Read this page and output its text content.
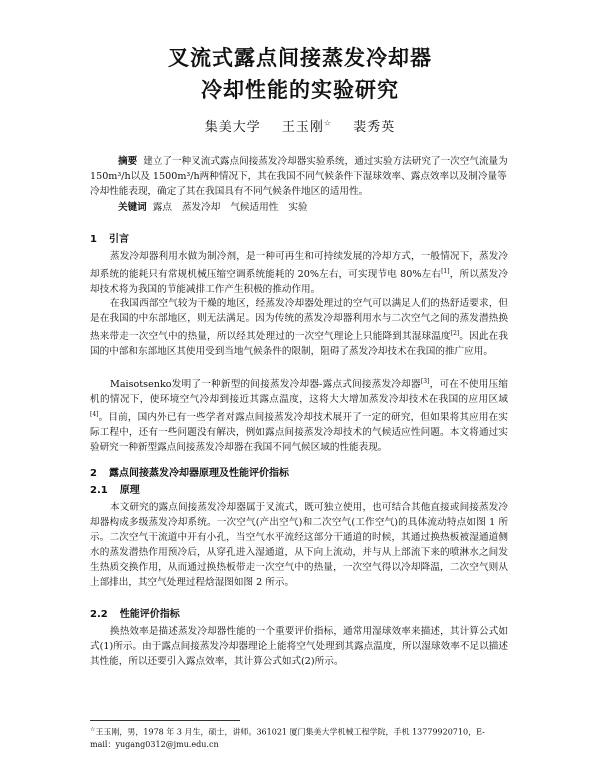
叉流式露点间接蒸发冷却器
冷却性能的实验研究
集美大学 王玉刚☆ 裴秀英

摘要 建立了一种叉流式露点间接蒸发冷却器实验系统，通过实验方法研究了一次空气流量为 150m³/h以及 1500m³/h两种情况下，其在我国不同气候条件下湿球效率、露点效率以及制冷量等冷却性能表现，确定了其在我国具有不同气候条件地区的适用性。

关键词 露点 蒸发冷却 气候适用性 实验

1 引言

蒸发冷却器利用水做为制冷剂，是一种可再生和可持续发展的冷却方式，一般情况下，蒸发冷却系统的能耗只有常规机械压缩空调系统能耗的 20%左右，可实现节电 80%左右[1]，所以蒸发冷却技术将为我国的节能减排工作产生积极的推动作用。

在我国西部空气较为干燥的地区，经蒸发冷却器处理过的空气可以满足人们的热舒适要求，但是在我国的中东部地区，则无法满足。因为传统的蒸发冷却器利用水与二次空气之间的蒸发潜热换热来带走一次空气中的热量，所以经其处理过的一次空气理论上只能降到其湿球温度[2]。因此在我国的中部和东部地区其使用受到当地气候条件的限制，阻碍了蒸发冷却技术在我国的推广应用。

Maisotsenko发明了一种新型的间接蒸发冷却器-露点式间接蒸发冷却器[3]，可在不使用压缩机的情况下，使环境空气冷却到接近其露点温度，这将大大增加蒸发冷却技术在我国的应用区域[4]。目前，国内外已有一些学者对露点间接蒸发冷却技术展开了一定的研究，但如果将其应用在实际工程中，还有一些问题没有解决，例如露点间接蒸发冷却技术的气候适应性问题。本文将通过实验研究一种新型露点间接蒸发冷却器在我国不同气候区域的性能表现。

2 露点间接蒸发冷却器原理及性能评价指标
2.1 原理

本文研究的露点间接蒸发冷却器属于叉流式，既可独立使用，也可结合其他直接或间接蒸发冷却器构成多级蒸发冷却系统。一次空气(产出空气)和二次空气(工作空气)的具体流动特点如图 1 所示。二次空气干流道中开有小孔，当空气水平流经这部分干通道的时候，其通过换热板被湿通道侧水的蒸发潜热作用预冷后，从穿孔进入湿通道，从下向上流动，并与从上部流下来的喷淋水之间发生热质交换作用，从而通过换热板带走一次空气中的热量，一次空气得以冷却降温，二次空气则从上部排出，其空气处理过程焓湿图如图 2 所示。

2.2 性能评价指标

换热效率是描述蒸发冷却器性能的一个重要评价指标，通常用湿球效率来描述，其计算公式如式(1)所示。由于露点间接蒸发冷却器理论上能将空气处理到其露点温度，所以湿球效率不足以描述其性能，所以还要引入露点效率，其计算公式如式(2)所示。

☆王玉刚，男，1978 年 3 月生，硕士，讲师。361021 厦门集美大学机械工程学院，手机 13779920710，E-mail：yugang0312@jmu.edu.cn
